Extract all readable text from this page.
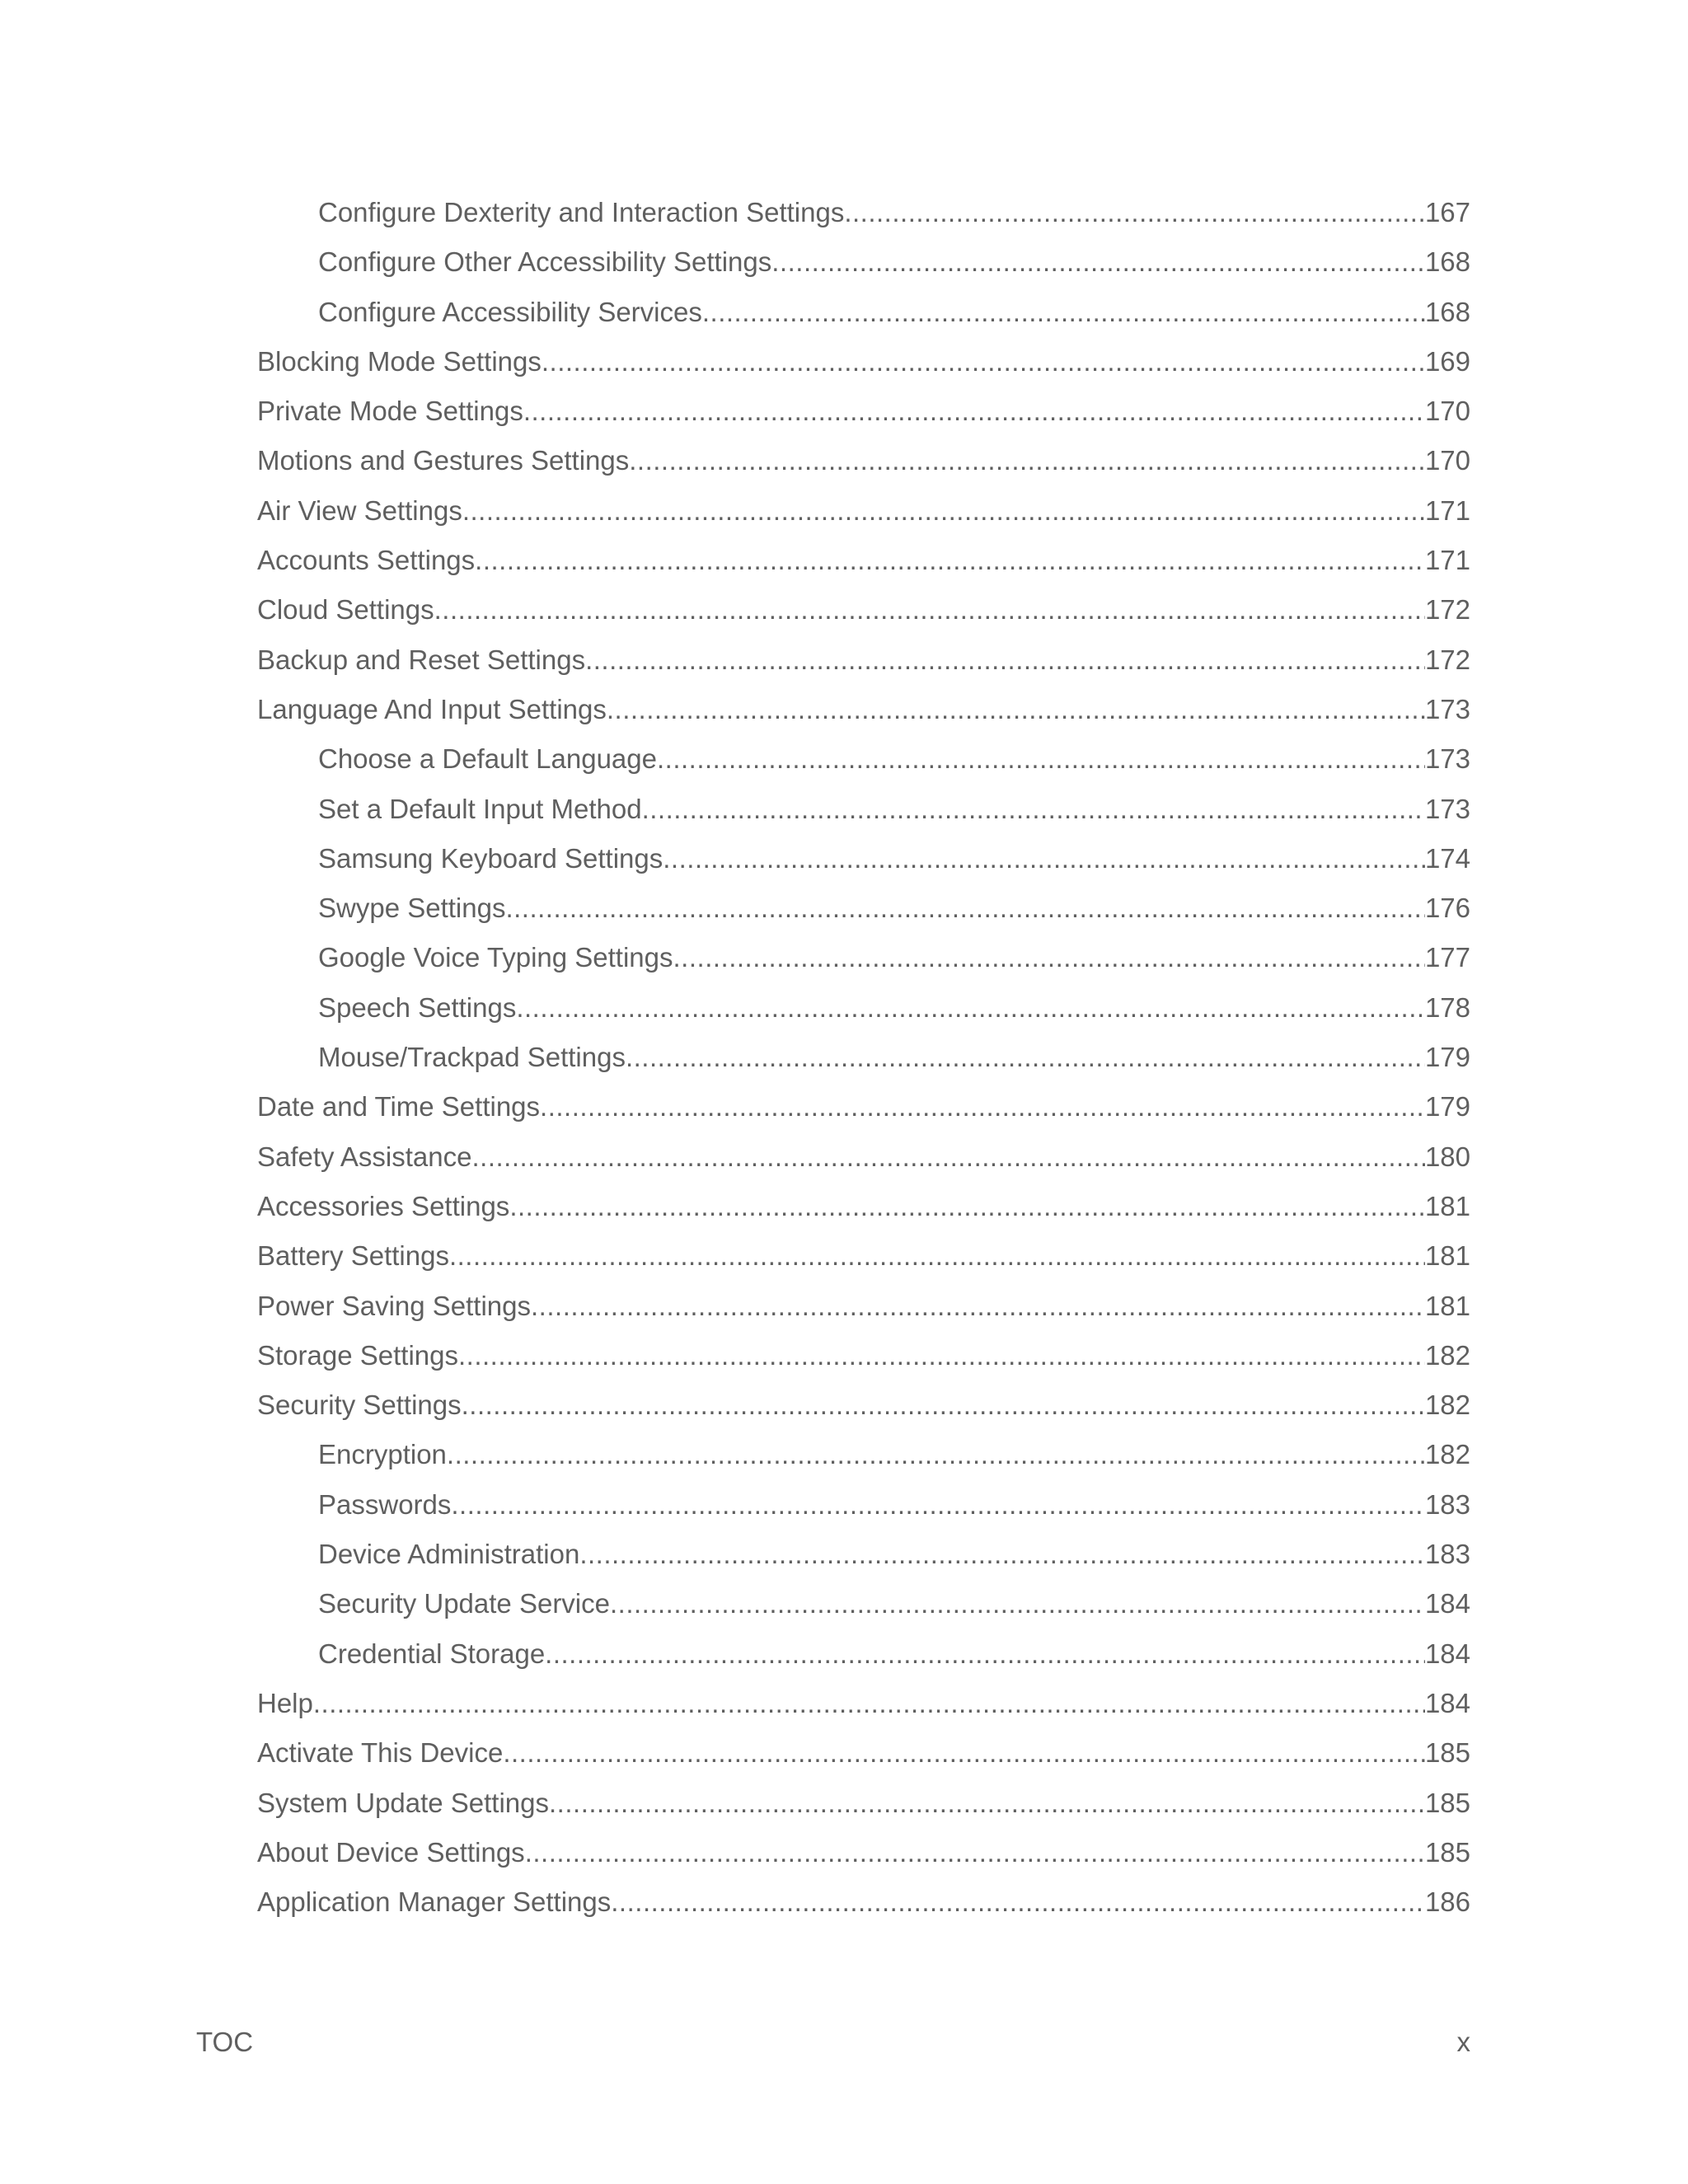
Configure Dexterity and Interaction Settings .....	167
Configure Other Accessibility Settings .....	168
Configure Accessibility Services .....	168
Blocking Mode Settings .....	169
Private Mode Settings .....	170
Motions and Gestures Settings .....	170
Air View Settings .....	171
Accounts Settings .....	171
Cloud Settings .....	172
Backup and Reset Settings .....	172
Language And Input Settings .....	173
Choose a Default Language .....	173
Set a Default Input Method .....	173
Samsung Keyboard Settings .....	174
Swype Settings .....	176
Google Voice Typing Settings .....	177
Speech Settings .....	178
Mouse/Trackpad Settings .....	179
Date and Time Settings .....	179
Safety Assistance .....	180
Accessories Settings .....	181
Battery Settings .....	181
Power Saving Settings .....	181
Storage Settings .....	182
Security Settings .....	182
Encryption .....	182
Passwords .....	183
Device Administration .....	183
Security Update Service .....	184
Credential Storage .....	184
Help .....	184
Activate This Device .....	185
System Update Settings .....	185
About Device Settings .....	185
Application Manager Settings .....	186
TOC	x
